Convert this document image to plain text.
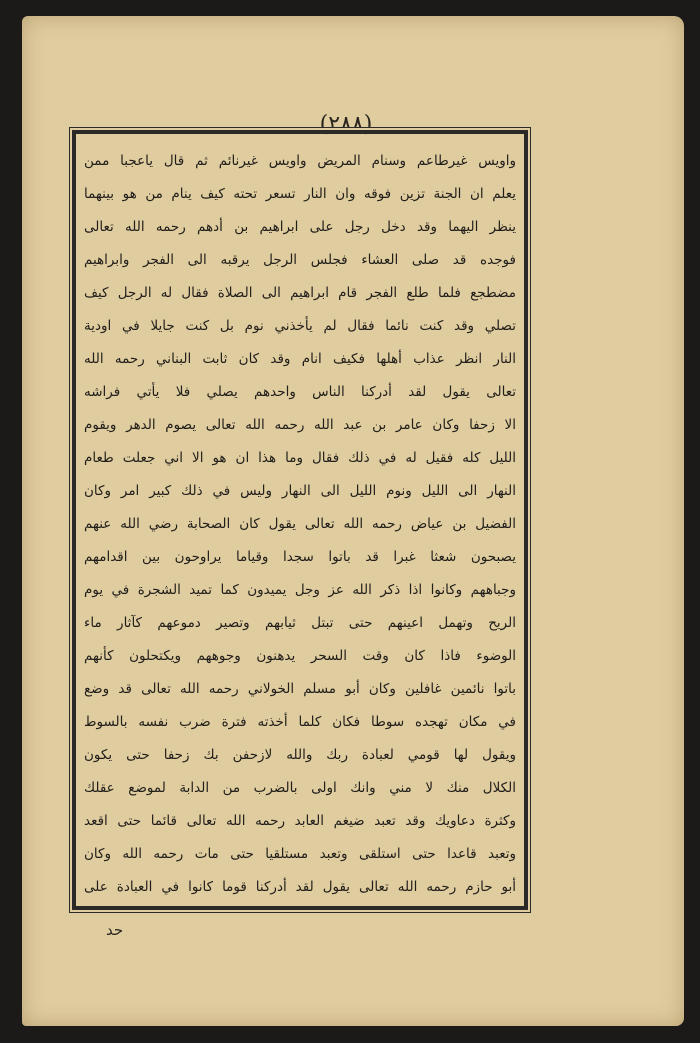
(٢٨٨)
واويس غيرطاعم وسنام المريض واويس غيرنائم ثم قال ياعجبا ممن
يعلم ان الجنة تزين فوقه وان النار تسعر تحته كيف ينام من هو بينهما
ينظر اليهما وقد دخل رجل على ابراهيم بن أدهم رحمه الله تعالى
فوجده قد صلى العشاء فجلس الرجل يرقبه الى الفجر وابراهيم
مضطجع فلما طلع الفجر قام ابراهيم الى الصلاة فقال له الرجل كيف
تصلي وقد كنت نائما فقال لم يأخذني نوم بل كنت جايلا في اودية
النار انظر عذاب أهلها فكيف انام وقد كان ثابت البناني رحمه الله
تعالى يقول لقد أدركنا الناس واحدهم يصلي فلا يأتي فراشه
الا زحفا وكان عامر بن عبد الله رحمه الله تعالى يصوم الدهر ويقوم
الليل كله فقيل له في ذلك فقال وما هذا ان هو الا اني جعلت طعام
النهار الى الليل ونوم الليل الى النهار وليس في ذلك كبير امر وكان
الفضيل بن عياض رحمه الله تعالى يقول كان الصحابة رضي الله عنهم
يصبحون شعثا غبرا قد باتوا سجدا وقياما يراوحون بين اقدامهم
وجباههم وكانوا اذا ذكر الله عز وجل يميدون كما تميد الشجرة في يوم
الريح وتهمل اعينهم حتى تبتل ثيابهم وتصير دموعهم كآثار ماء
الوضوء فاذا كان وقت السحر يدهنون وجوههم ويكتحلون كأنهم
باتوا نائمين غافلين وكان أبو مسلم الخولاني رحمه الله تعالى قد وضع
في مكان تهجده سوطا فكان كلما أخذته فترة ضرب نفسه بالسوط
ويقول لها قومي لعبادة ربك والله لازحفن بك زحفا حتى يكون
الكلال منك لا مني وانك اولى بالضرب من الدابة لموضع عقلك
وكثرة دعاويك وقد تعبد ضيغم العابد رحمه الله تعالى قائما حتى اقعد
وتعبد قاعدا حتى استلقى وتعبد مستلقيا حتى مات رحمه الله وكان
أبو حازم رحمه الله تعالى يقول لقد أدركنا قوما كانوا في العبادة على
حد
